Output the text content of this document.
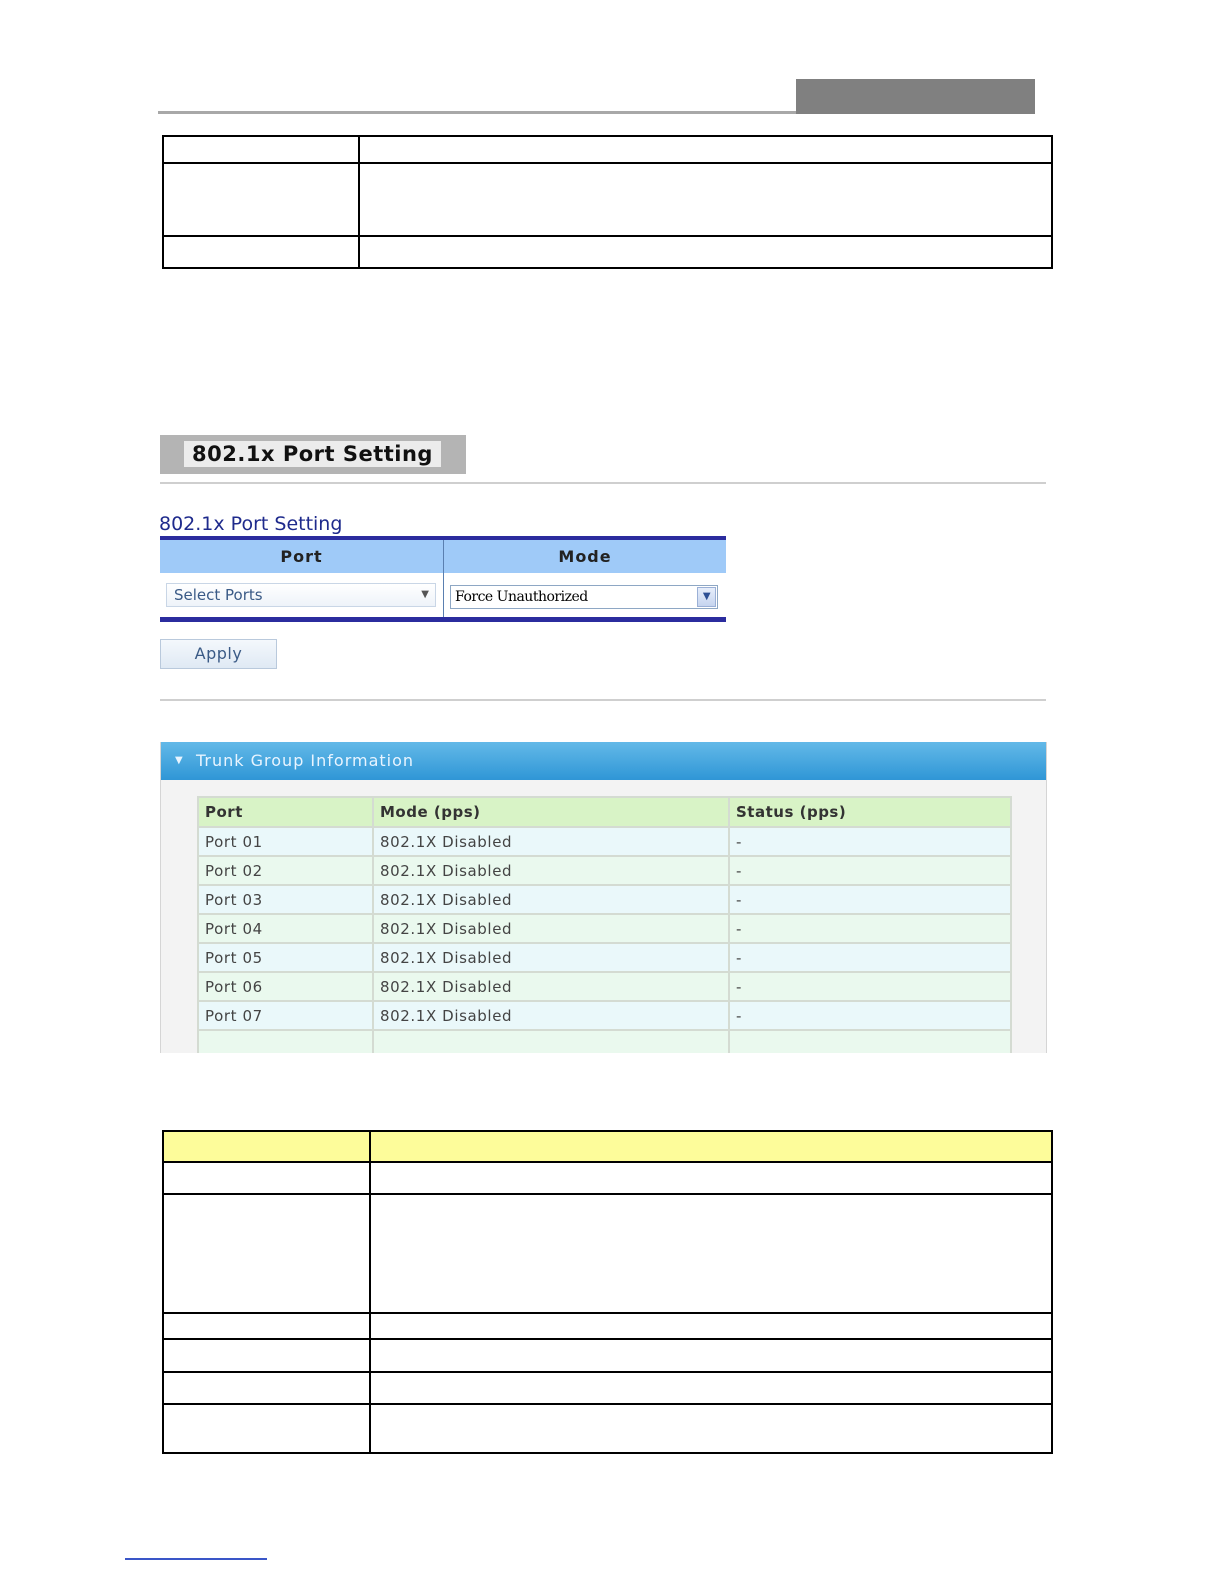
802.1x Port Setting
802.1x Port Setting
Port	Mode
Select Ports	▼	Force Unauthorized	▼
Apply
▼ Trunk Group Information
Port	Mode (pps)	Status (pps)
Port 01	802.1X Disabled	-
Port 02	802.1X Disabled	-
Port 03	802.1X Disabled	-
Port 04	802.1X Disabled	-
Port 05	802.1X Disabled	-
Port 06	802.1X Disabled	-
Port 07	802.1X Disabled	-
